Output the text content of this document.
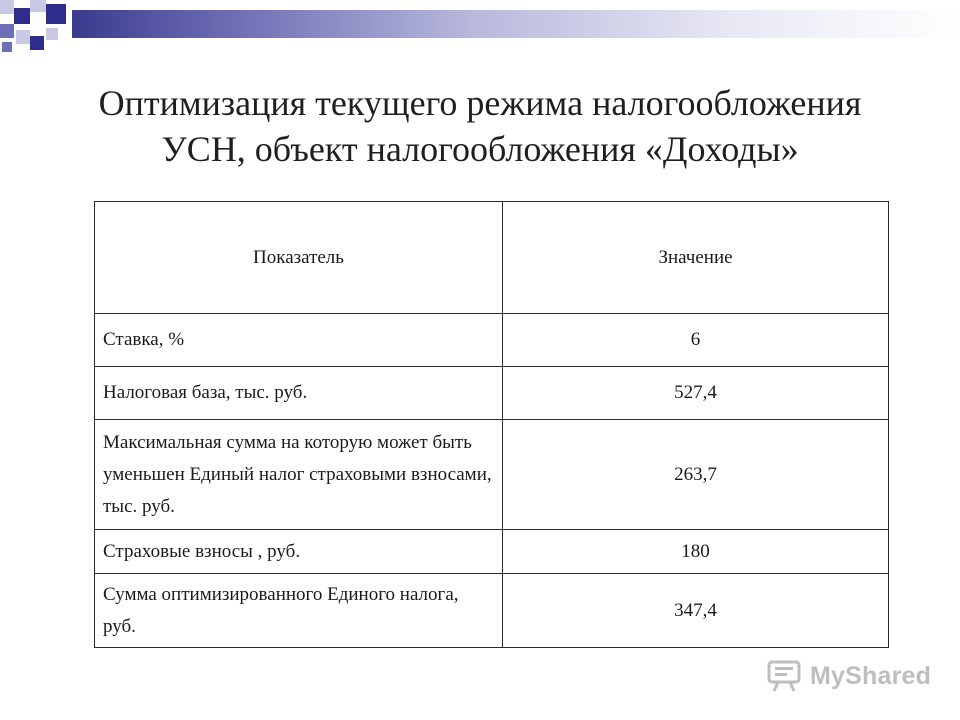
Оптимизация текущего режима налогообложения
УСН, объект налогообложения «Доходы»
Показатель	Значение
Ставка, %	6
Налоговая база, тыс. руб.	527,4
Максимальная сумма на которую может быть уменьшен Единый налог страховыми взносами, тыс. руб.	263,7
Страховые взносы , руб.	180
Сумма оптимизированного Единого налога, руб.	347,4
MyShared
